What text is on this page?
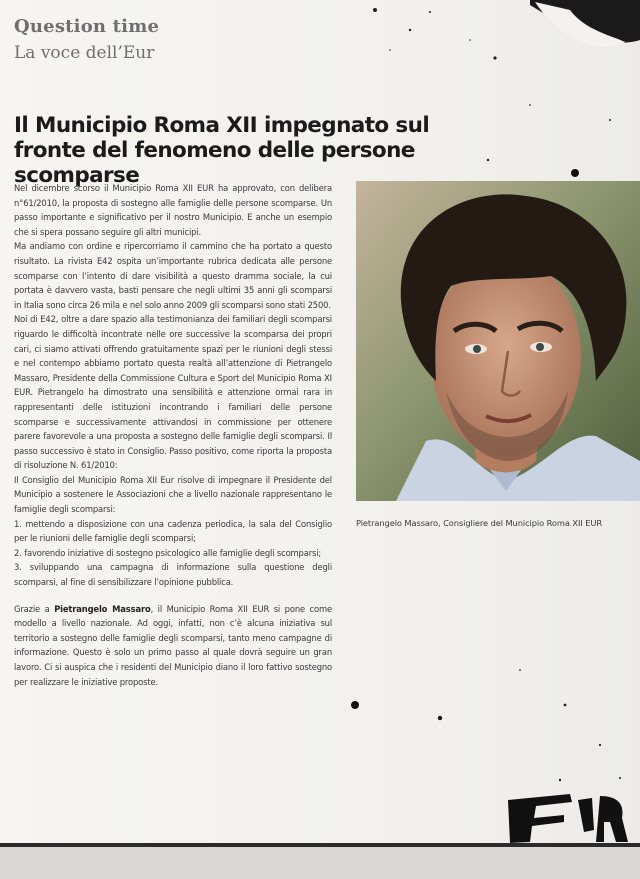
Question time
La voce dell’Eur
Il Municipio Roma XII impegnato sul fronte del fenomeno delle persone scomparse

Nel dicembre scorso il Municipio Roma XII EUR ha approvato, con delibera n°61/2010, la proposta di sostegno alle famiglie delle persone scomparse. Un passo importante e significativo per il nostro Municipio. E anche un esempio che si spera possano seguire gli altri municipi.

Ma andiamo con ordine e ripercorriamo il cammino che ha portato a questo risultato. La rivista E42 ospita un’importante rubrica dedicata alle persone scomparse con l’intento di dare visibilità a questo dramma sociale, la cui portata è davvero vasta, basti pensare che negli ultimi 35 anni gli scomparsi in Italia sono circa 26 mila e nel solo anno 2009 gli scomparsi sono stati 2500.

Noi di E42, oltre a dare spazio alla testimonianza dei familiari degli scomparsi riguardo le difficoltà incontrate nelle ore successive la scomparsa dei propri cari, ci siamo attivati offrendo gratuitamente spazi per le riunioni degli stessi e nel contempo abbiamo portato questa realtà all’attenzione di Pietrangelo Massaro, Presidente della Commissione Cultura e Sport del Municipio Roma XI EUR. Pietrangelo ha dimostrato una sensibilità e attenzione ormai rara in rappresentanti delle istituzioni incontrando i familiari delle persone scomparse e successivamente attivandosi in commissione per ottenere parere favorevole a una proposta a sostegno delle famiglie degli scomparsi. Il passo successivo è stato in Consiglio. Passo positivo, come riporta la proposta di risoluzione N. 61/2010:

Il Consiglio del Municipio Roma XII Eur risolve di impegnare il Presidente del Municipio a sostenere le Associazioni che a livello nazionale rappresentano le famiglie degli scomparsi:

1. mettendo a disposizione con una cadenza periodica, la sala del Consiglio per le riunioni delle famiglie degli scomparsi;

2. favorendo iniziative di sostegno psicologico alle famiglie degli scomparsi;

3. sviluppando una campagna di informazione sulla questione degli scomparsi, al fine di sensibilizzare l’opinione pubblica.

Grazie a Pietrangelo Massaro, il Municipio Roma XII EUR si pone come modello a livello nazionale. Ad oggi, infatti, non c’è alcuna iniziativa sul territorio a sostegno delle famiglie degli scomparsi, tanto meno campagne di informazione. Questo è solo un primo passo al quale dovrà seguire un gran lavoro. Ci si auspica che i residenti del Municipio diano il loro fattivo sostegno per realizzare le iniziative proposte.

Pietrangelo Massaro, Consigliere del Municipio Roma XII EUR
